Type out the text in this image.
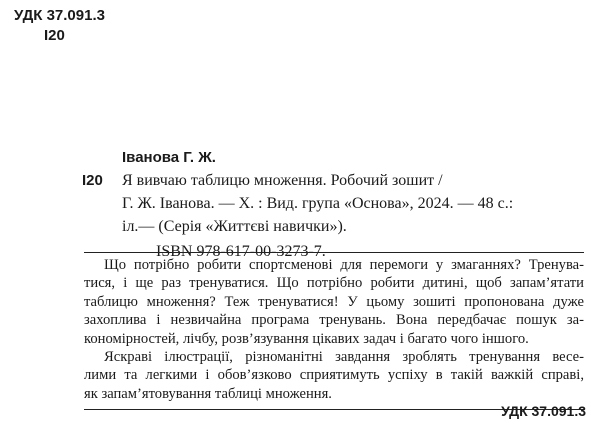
УДК 37.091.3
І20
І20
Іванова Г. Ж.
Я вивчаю таблицю множення. Робочий зошит /
Г. Ж. Іванова. — Х. : Вид. група «Основа», 2024. — 48 с.:
іл.— (Серія «Життєві навички»).
ISBN 978-617-00-3273-7.
Що потрібно робити спортсменові для перемоги у змаганнях? Тренува-
тися, і ще раз тренуватися. Що потрібно робити дитині, щоб запам’ятати
таблицю множення? Теж тренуватися! У цьому зошиті пропонована дуже
захоплива і незвичайна програма тренувань. Вона передбачає пошук за-
кономірностей, лічбу, розв’язування цікавих задач і багато чого іншого.
Яскраві ілюстрації, різноманітні завдання зроблять тренування весе-
лими та легкими і обов’язково сприятимуть успіху в такій важкій справі,
як запам’ятовування таблиці множення.
УДК 37.091.3
